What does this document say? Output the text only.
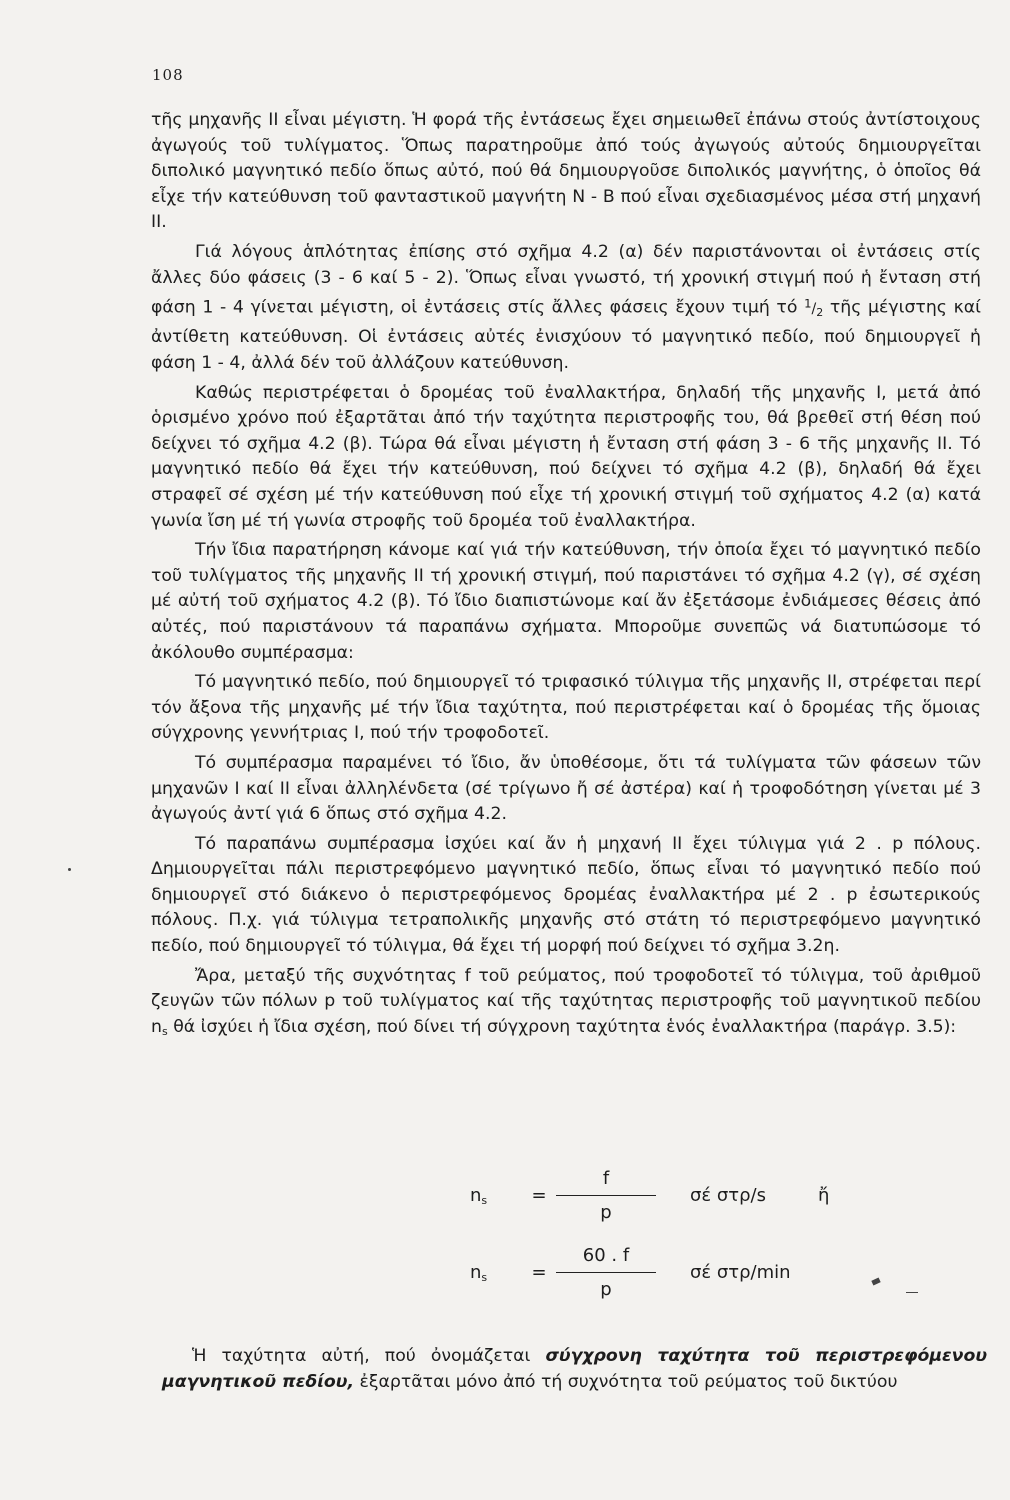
108

τῆς μηχανῆς ΙΙ εἶναι μέγιστη. Ἡ φορά τῆς ἐντάσεως ἔχει σημειωθεῖ ἐπάνω στούς ἀντίστοιχους ἀγωγούς τοῦ τυλίγματος. Ὅπως παρατηροῦμε ἀπό τούς ἀγωγούς αὐτούς δημιουργεῖται διπολικό μαγνητικό πεδίο ὅπως αὐτό, πού θά δημιουργοῦσε διπολικός μαγνήτης, ὁ ὁποῖος θά εἶχε τήν κατεύθυνση τοῦ φανταστικοῦ μαγνήτη Ν - Β πού εἶναι σχεδιασμένος μέσα στή μηχανή ΙΙ.

Γιά λόγους ἁπλότητας ἐπίσης στό σχῆμα 4.2 (α) δέν παριστάνονται οἱ ἐντάσεις στίς ἄλλες δύο φάσεις (3 - 6 καί 5 - 2). Ὅπως εἶναι γνωστό, τή χρονική στιγμή πού ἡ ἔνταση στή φάση 1 - 4 γίνεται μέγιστη, οἱ ἐντάσεις στίς ἄλλες φάσεις ἔχουν τιμή τό $^1/_2$ τῆς μέγιστης καί ἀντίθετη κατεύθυνση. Οἱ ἐντάσεις αὐτές ἐνισχύουν τό μαγνητικό πεδίο, πού δημιουργεῖ ἡ φάση 1 - 4, ἀλλά δέν τοῦ ἀλλάζουν κατεύθυνση.

Καθώς περιστρέφεται ὁ δρομέας τοῦ ἐναλλακτήρα, δηλαδή τῆς μηχανῆς Ι, μετά ἀπό ὁρισμένο χρόνο πού ἐξαρτᾶται ἀπό τήν ταχύτητα περιστροφῆς του, θά βρεθεῖ στή θέση πού δείχνει τό σχῆμα 4.2 (β). Τώρα θά εἶναι μέγιστη ἡ ἔνταση στή φάση 3 - 6 τῆς μηχανῆς ΙΙ. Τό μαγνητικό πεδίο θά ἔχει τήν κατεύθυνση, πού δείχνει τό σχῆμα 4.2 (β), δηλαδή θά ἔχει στραφεῖ σέ σχέση μέ τήν κατεύθυνση πού εἶχε τή χρονική στιγμή τοῦ σχήματος 4.2 (α) κατά γωνία ἴση μέ τή γωνία στροφῆς τοῦ δρομέα τοῦ ἐναλλακτήρα.

Τήν ἴδια παρατήρηση κάνομε καί γιά τήν κατεύθυνση, τήν ὁποία ἔχει τό μαγνητικό πεδίο τοῦ τυλίγματος τῆς μηχανῆς ΙΙ τή χρονική στιγμή, πού παριστάνει τό σχῆμα 4.2 (γ), σέ σχέση μέ αὐτή τοῦ σχήματος 4.2 (β). Τό ἴδιο διαπιστώνομε καί ἄν ἐξετάσομε ἐνδιάμεσες θέσεις ἀπό αὐτές, πού παριστάνουν τά παραπάνω σχήματα. Μποροῦμε συνεπῶς νά διατυπώσομε τό ἀκόλουθο συμπέρασμα:

Τό μαγνητικό πεδίο, πού δημιουργεῖ τό τριφασικό τύλιγμα τῆς μηχανῆς ΙΙ, στρέφεται περί τόν ἄξονα τῆς μηχανῆς μέ τήν ἴδια ταχύτητα, πού περιστρέφεται καί ὁ δρομέας τῆς ὅμοιας σύγχρονης γεννήτριας Ι, πού τήν τροφοδοτεῖ.

Τό συμπέρασμα παραμένει τό ἴδιο, ἄν ὑποθέσομε, ὅτι τά τυλίγματα τῶν φάσεων τῶν μηχανῶν Ι καί ΙΙ εἶναι ἀλληλένδετα (σέ τρίγωνο ἤ σέ ἀστέρα) καί ἡ τροφοδότηση γίνεται μέ 3 ἀγωγούς ἀντί γιά 6 ὅπως στό σχῆμα 4.2.

Τό παραπάνω συμπέρασμα ἰσχύει καί ἄν ἡ μηχανή ΙΙ ἔχει τύλιγμα γιά 2 . p πόλους. Δημιουργεῖται πάλι περιστρεφόμενο μαγνητικό πεδίο, ὅπως εἶναι τό μαγνητικό πεδίο πού δημιουργεῖ στό διάκενο ὁ περιστρεφόμενος δρομέας ἐναλλακτήρα μέ 2 . p ἐσωτερικούς πόλους. Π.χ. γιά τύλιγμα τετραπολικῆς μηχανῆς στό στάτη τό περιστρεφόμενο μαγνητικό πεδίο, πού δημιουργεῖ τό τύλιγμα, θά ἔχει τή μορφή πού δείχνει τό σχῆμα 3.2η.

Ἄρα, μεταξύ τῆς συχνότητας f τοῦ ρεύματος, πού τροφοδοτεῖ τό τύλιγμα, τοῦ ἀριθμοῦ ζευγῶν τῶν πόλων p τοῦ τυλίγματος καί τῆς ταχύτητας περιστροφῆς τοῦ μαγνητικοῦ πεδίου $n_s$ θά ἰσχύει ἡ ἴδια σχέση, πού δίνει τή σύγχρονη ταχύτητα ἑνός ἐναλλακτήρα (παράγρ. 3.5):

$n_s$	= $\frac{f}{p}$ σέ στρ/s	ἤ
$n_s$	= $\frac{60 . f}{p}$ σέ στρ/min

Ἡ ταχύτητα αὐτή, πού ὀνομάζεται σύγχρονη ταχύτητα τοῦ περιστρεφόμενου μαγνητικοῦ πεδίου, ἐξαρτᾶται μόνο ἀπό τή συχνότητα τοῦ ρεύματος τοῦ δικτύου
